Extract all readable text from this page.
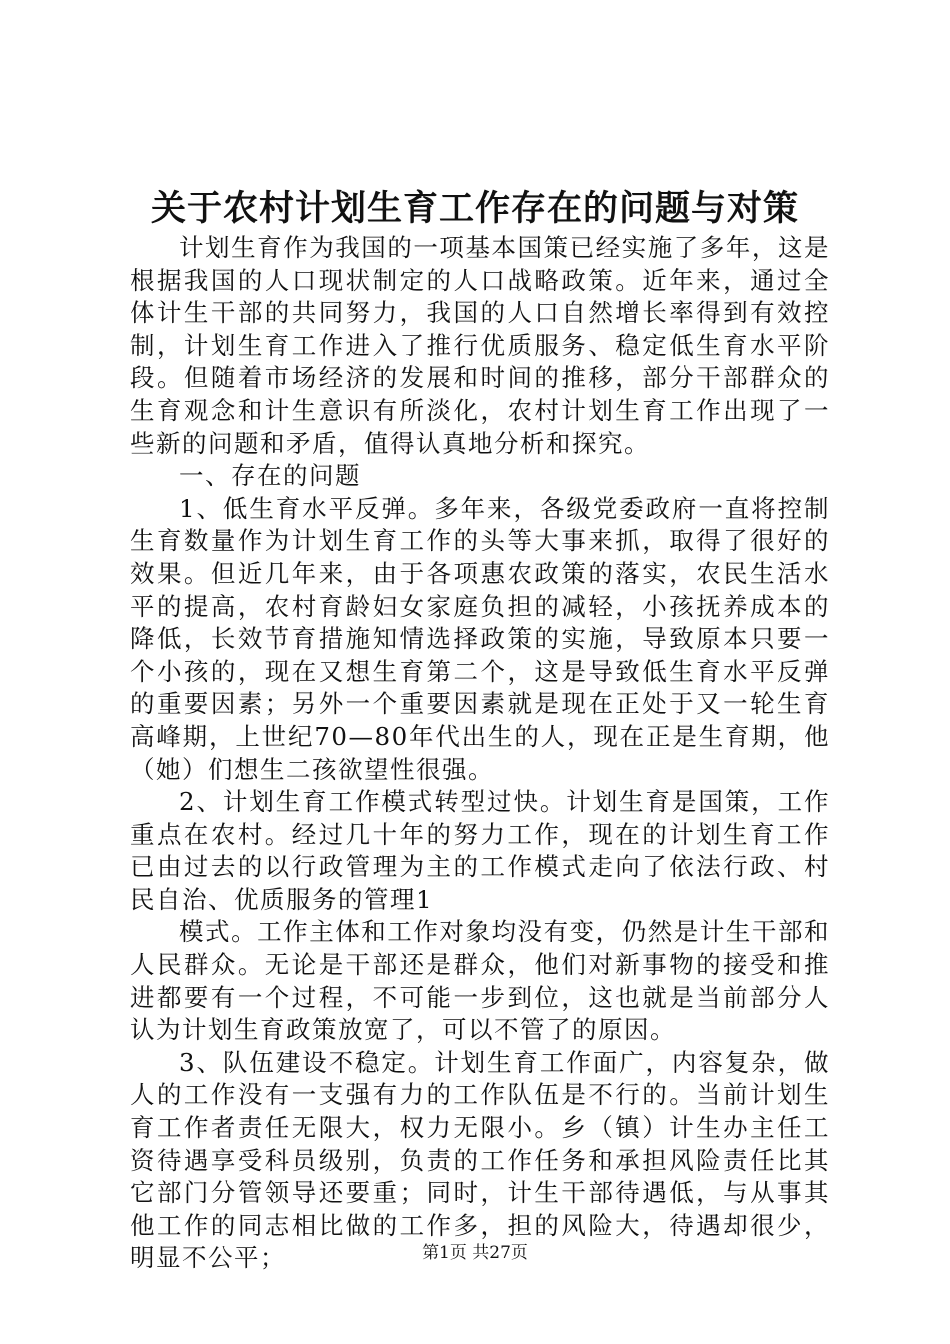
关于农村计划生育工作存在的问题与对策

计划生育作为我国的一项基本国策已经实施了多年，这是根据我国的人口现状制定的人口战略政策。近年来，通过全体计生干部的共同努力，我国的人口自然增长率得到有效控制，计划生育工作进入了推行优质服务、稳定低生育水平阶段。但随着市场经济的发展和时间的推移，部分干部群众的生育观念和计生意识有所淡化，农村计划生育工作出现了一些新的问题和矛盾，值得认真地分析和探究。

一、存在的问题

1、低生育水平反弹。多年来，各级党委政府一直将控制生育数量作为计划生育工作的头等大事来抓，取得了很好的效果。但近几年来，由于各项惠农政策的落实，农民生活水平的提高，农村育龄妇女家庭负担的减轻，小孩抚养成本的降低，长效节育措施知情选择政策的实施，导致原本只要一个小孩的，现在又想生育第二个，这是导致低生育水平反弹的重要因素；另外一个重要因素就是现在正处于又一轮生育高峰期，上世纪70—80年代出生的人，现在正是生育期，他（她）们想生二孩欲望性很强。

2、计划生育工作模式转型过快。计划生育是国策，工作重点在农村。经过几十年的努力工作，现在的计划生育工作已由过去的以行政管理为主的工作模式走向了依法行政、村民自治、优质服务的管理1

模式。工作主体和工作对象均没有变，仍然是计生干部和人民群众。无论是干部还是群众，他们对新事物的接受和推进都要有一个过程，不可能一步到位，这也就是当前部分人认为计划生育政策放宽了，可以不管了的原因。

3、队伍建设不稳定。计划生育工作面广，内容复杂，做人的工作没有一支强有力的工作队伍是不行的。当前计划生育工作者责任无限大，权力无限小。乡（镇）计生办主任工资待遇享受科员级别，负责的工作任务和承担风险责任比其它部门分管领导还要重；同时，计生干部待遇低，与从事其他工作的同志相比做的工作多，担的风险大，待遇却很少，明显不公平；	第1页 共27页
